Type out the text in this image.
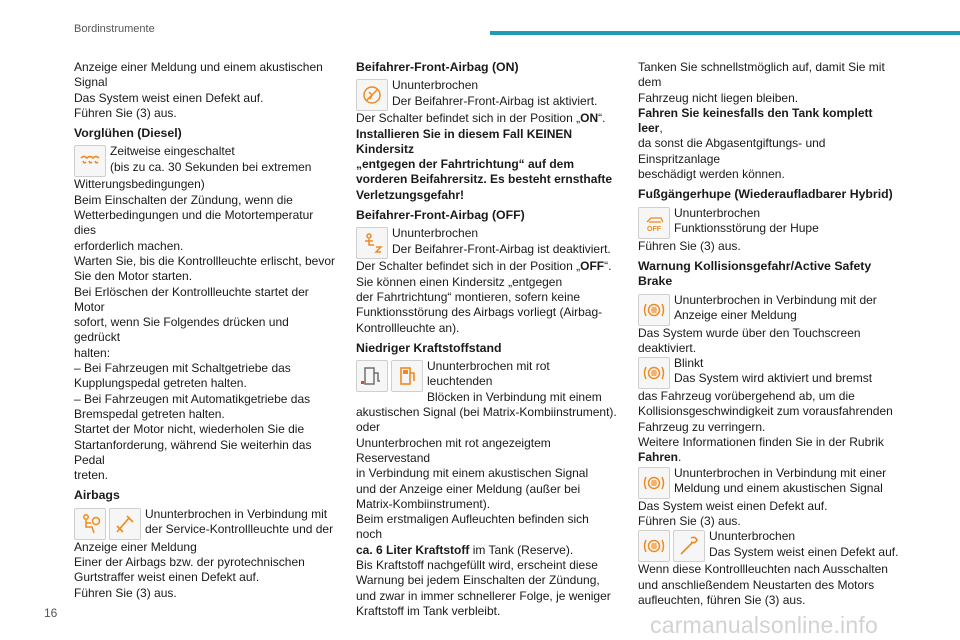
Bordinstrumente

Anzeige einer Meldung und einem akustischen

Signal

Das System weist einen Defekt auf.

Führen Sie (3) aus.

Vorglühen (Diesel)

Zeitweise eingeschaltet

(bis zu ca. 30 Sekunden bei extremen

Witterungsbedingungen)

Beim Einschalten der Zündung, wenn die

Wetterbedingungen und die Motortemperatur dies

erforderlich machen.

Warten Sie, bis die Kontrollleuchte erlischt, bevor

Sie den Motor starten.

Bei Erlöschen der Kontrollleuchte startet der Motor

sofort, wenn Sie Folgendes drücken und gedrückt

halten:

– Bei Fahrzeugen mit Schaltgetriebe das

Kupplungspedal getreten halten.

– Bei Fahrzeugen mit Automatikgetriebe das

Bremspedal getreten halten.

Startet der Motor nicht, wiederholen Sie die

Startanforderung, während Sie weiterhin das Pedal

treten.

Airbags

Ununterbrochen in Verbindung mit

der Service-Kontrollleuchte und der

Anzeige einer Meldung

Einer der Airbags bzw. der pyrotechnischen

Gurtstraffer weist einen Defekt auf.

Führen Sie (3) aus.

Beifahrer-Front-Airbag (ON)

Ununterbrochen

Der Beifahrer-Front-Airbag ist aktiviert.

Der Schalter befindet sich in der Position „ON“.

Installieren Sie in diesem Fall KEINEN Kindersitz

„entgegen der Fahrtrichtung“ auf dem

vorderen Beifahrersitz. Es besteht ernsthafte

Verletzungsgefahr!

Beifahrer-Front-Airbag (OFF)

Ununterbrochen

Der Beifahrer-Front-Airbag ist deaktiviert.

Der Schalter befindet sich in der Position „OFF“.

Sie können einen Kindersitz „entgegen

der Fahrtrichtung“ montieren, sofern keine

Funktionsstörung des Airbags vorliegt (Airbag-

Kontrollleuchte an).

Niedriger Kraftstoffstand

Ununterbrochen mit rot leuchtenden

Blöcken in Verbindung mit einem

akustischen Signal (bei Matrix-Kombiinstrument).

oder

Ununterbrochen mit rot angezeigtem Reservestand

in Verbindung mit einem akustischen Signal

und der Anzeige einer Meldung (außer bei

Matrix-Kombiinstrument).

Beim erstmaligen Aufleuchten befinden sich noch

ca. 6 Liter Kraftstoff im Tank (Reserve).

Bis Kraftstoff nachgefüllt wird, erscheint diese

Warnung bei jedem Einschalten der Zündung,

und zwar in immer schnellerer Folge, je weniger

Kraftstoff im Tank verbleibt.

Tanken Sie schnellstmöglich auf, damit Sie mit dem

Fahrzeug nicht liegen bleiben.

Fahren Sie keinesfalls den Tank komplett leer,

da sonst die Abgasentgiftungs- und Einspritzanlage

beschädigt werden können.

Fußgängerhupe (Wiederaufladbarer Hybrid)

OFF

Ununterbrochen

Funktionsstörung der Hupe

Führen Sie (3) aus.

Warnung Kollisionsgefahr/Active Safety
Brake

Ununterbrochen in Verbindung mit der

Anzeige einer Meldung

Das System wurde über den Touchscreen

deaktiviert.

Blinkt

Das System wird aktiviert und bremst

das Fahrzeug vorübergehend ab, um die

Kollisionsgeschwindigkeit zum vorausfahrenden

Fahrzeug zu verringern.

Weitere Informationen finden Sie in der Rubrik

Fahren.

Ununterbrochen in Verbindung mit einer

Meldung und einem akustischen Signal

Das System weist einen Defekt auf.

Führen Sie (3) aus.

Ununterbrochen

Das System weist einen Defekt auf.

Wenn diese Kontrollleuchten nach Ausschalten

und anschließendem Neustarten des Motors

aufleuchten, führen Sie (3) aus.

16	carmanualsonline.info
